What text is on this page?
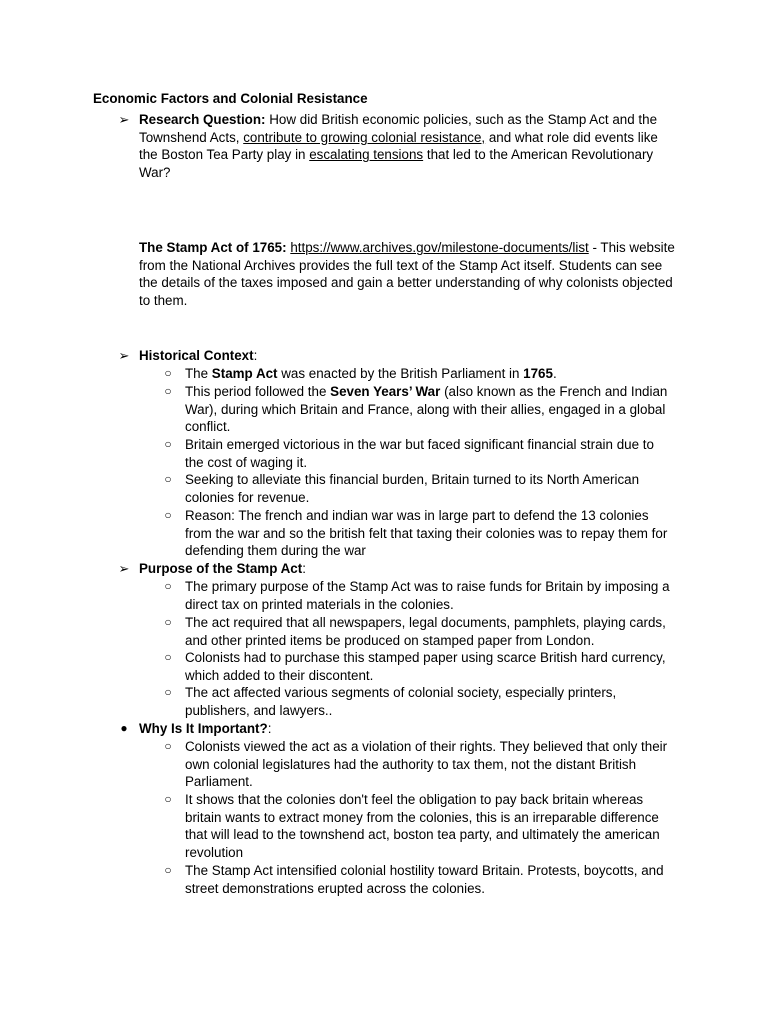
Economic Factors and Colonial Resistance
➢ Research Question: How did British economic policies, such as the Stamp Act and the Townshend Acts, contribute to growing colonial resistance, and what role did events like the Boston Tea Party play in escalating tensions that led to the American Revolutionary War?
The Stamp Act of 1765: https://www.archives.gov/milestone-documents/list - This website from the National Archives provides the full text of the Stamp Act itself. Students can see the details of the taxes imposed and gain a better understanding of why colonists objected to them.
➢ Historical Context:
○ The Stamp Act was enacted by the British Parliament in 1765.
○ This period followed the Seven Years’ War (also known as the French and Indian War), during which Britain and France, along with their allies, engaged in a global conflict.
○ Britain emerged victorious in the war but faced significant financial strain due to the cost of waging it.
○ Seeking to alleviate this financial burden, Britain turned to its North American colonies for revenue.
○ Reason: The french and indian war was in large part to defend the 13 colonies from the war and so the british felt that taxing their colonies was to repay them for defending them during the war
➢ Purpose of the Stamp Act:
○ The primary purpose of the Stamp Act was to raise funds for Britain by imposing a direct tax on printed materials in the colonies.
○ The act required that all newspapers, legal documents, pamphlets, playing cards, and other printed items be produced on stamped paper from London.
○ Colonists had to purchase this stamped paper using scarce British hard currency, which added to their discontent.
○ The act affected various segments of colonial society, especially printers, publishers, and lawyers..
● Why Is It Important?:
○ Colonists viewed the act as a violation of their rights. They believed that only their own colonial legislatures had the authority to tax them, not the distant British Parliament.
○ It shows that the colonies don't feel the obligation to pay back britain whereas britain wants to extract money from the colonies, this is an irreparable difference that will lead to the townshend act, boston tea party, and ultimately the american revolution
○ The Stamp Act intensified colonial hostility toward Britain. Protests, boycotts, and street demonstrations erupted across the colonies.
